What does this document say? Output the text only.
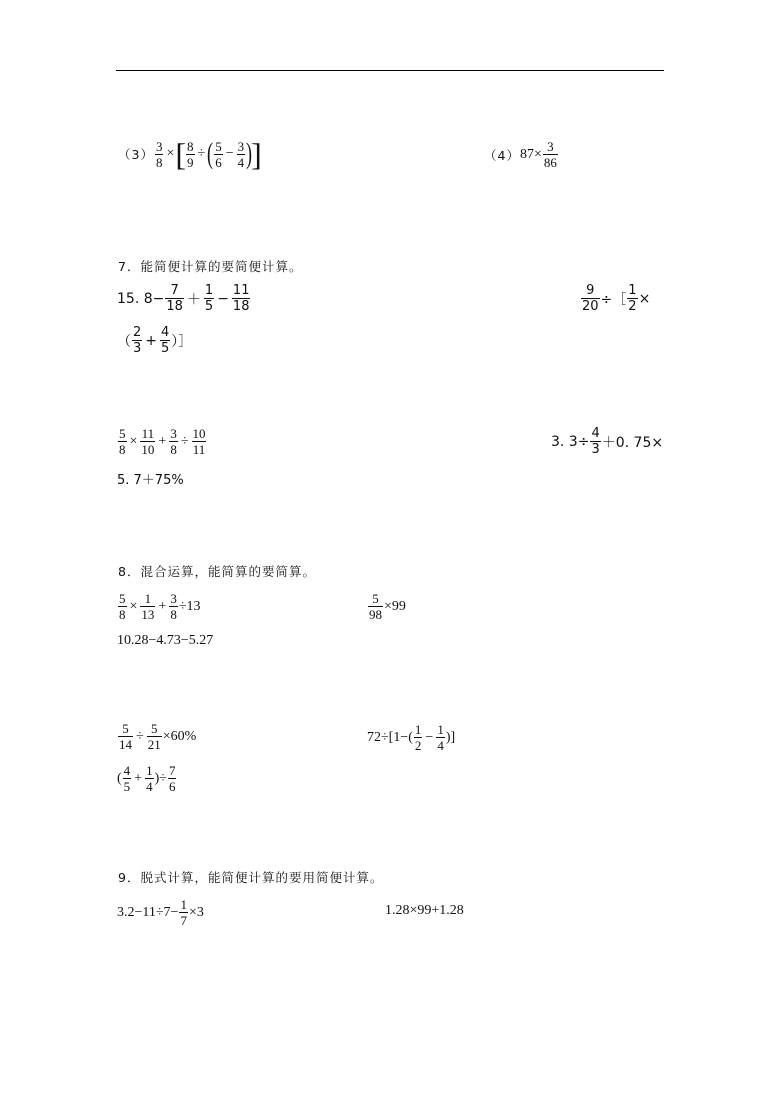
$(3) \frac{3}{8}$ × [ $\frac{8}{9}$ ÷ ( $\frac{5}{6} - \frac{3}{4}$ ) ]	（4） $87\times \frac{3}{86}$
7．能简便计算的要简便计算。
15. $8- \frac{7}{18} + \frac{1}{5} - \frac{11}{18}$	$\frac{9}{20}$ ÷［ $\frac{1}{2}$ ×
（ $\frac{2}{3} + \frac{4}{5}$ ）］
$\frac{5}{8} \times \frac{11}{10} + \frac{3}{8} \div \frac{10}{11}$	3. $3\div \frac{4}{3} +0$. 75×
5. 7＋75%
8．混合运算，能简算的要简算。
$\frac{5}{8} \times \frac{1}{13} + \frac{3}{8} \div 13$	$\frac{5}{98} \times 99$
10.28−4.73−5.27
$\frac{5}{14} \div \frac{5}{21} \times 60\%$	$72\div[1-( \frac{1}{2} - \frac{1}{4}$ )]
( $\frac{4}{5} + \frac{1}{4}$ )÷ $\frac{7}{6}$
9．脱式计算，能简便计算的要用简便计算。
$3.2-11\div 7- \frac{1}{7} \times 3$	1.28×99+1.28
